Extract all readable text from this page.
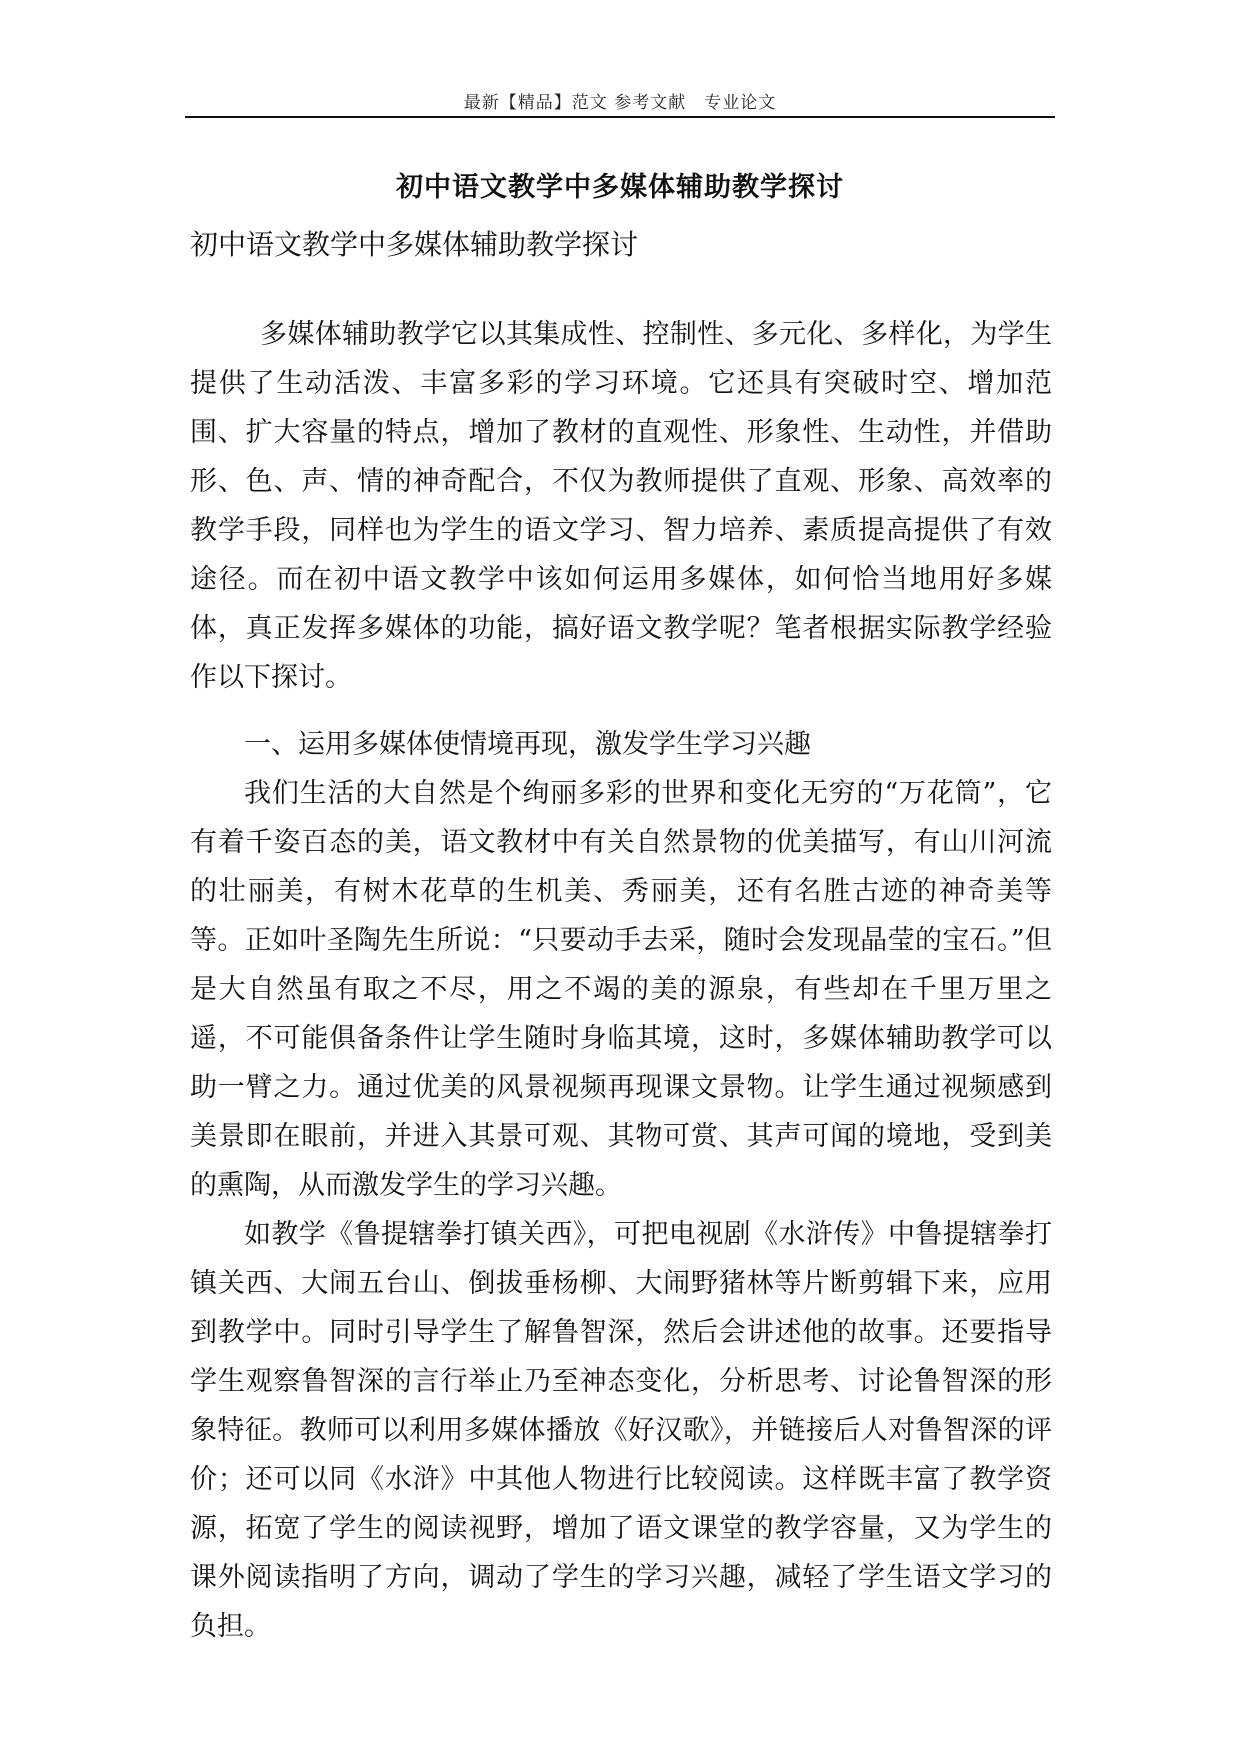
最新【精品】范文 参考文献　专业论文
初中语文教学中多媒体辅助教学探讨
初中语文教学中多媒体辅助教学探讨

多媒体辅助教学它以其集成性、控制性、多元化、多样化，为学生提供了生动活泼、丰富多彩的学习环境。它还具有突破时空、增加范围、扩大容量的特点，增加了教材的直观性、形象性、生动性，并借助形、色、声、情的神奇配合，不仅为教师提供了直观、形象、高效率的教学手段，同样也为学生的语文学习、智力培养、素质提高提供了有效途径。而在初中语文教学中该如何运用多媒体，如何恰当地用好多媒体，真正发挥多媒体的功能，搞好语文教学呢？笔者根据实际教学经验作以下探讨。

一、运用多媒体使情境再现，激发学生学习兴趣

我们生活的大自然是个绚丽多彩的世界和变化无穷的“万花筒”，它有着千姿百态的美，语文教材中有关自然景物的优美描写，有山川河流的壮丽美，有树木花草的生机美、秀丽美，还有名胜古迹的神奇美等等。正如叶圣陶先生所说：“只要动手去采，随时会发现晶莹的宝石。”但是大自然虽有取之不尽，用之不竭的美的源泉，有些却在千里万里之遥，不可能俱备条件让学生随时身临其境，这时，多媒体辅助教学可以助一臂之力。通过优美的风景视频再现课文景物。让学生通过视频感到美景即在眼前，并进入其景可观、其物可赏、其声可闻的境地，受到美的熏陶，从而激发学生的学习兴趣。

如教学《鲁提辖拳打镇关西》，可把电视剧《水浒传》中鲁提辖拳打镇关西、大闹五台山、倒拔垂杨柳、大闹野猪林等片断剪辑下来，应用到教学中。同时引导学生了解鲁智深，然后会讲述他的故事。还要指导学生观察鲁智深的言行举止乃至神态变化，分析思考、讨论鲁智深的形象特征。教师可以利用多媒体播放《好汉歌》，并链接后人对鲁智深的评价；还可以同《水浒》中其他人物进行比较阅读。这样既丰富了教学资源，拓宽了学生的阅读视野，增加了语文课堂的教学容量，又为学生的课外阅读指明了方向，调动了学生的学习兴趣，减轻了学生语文学习的负担。
